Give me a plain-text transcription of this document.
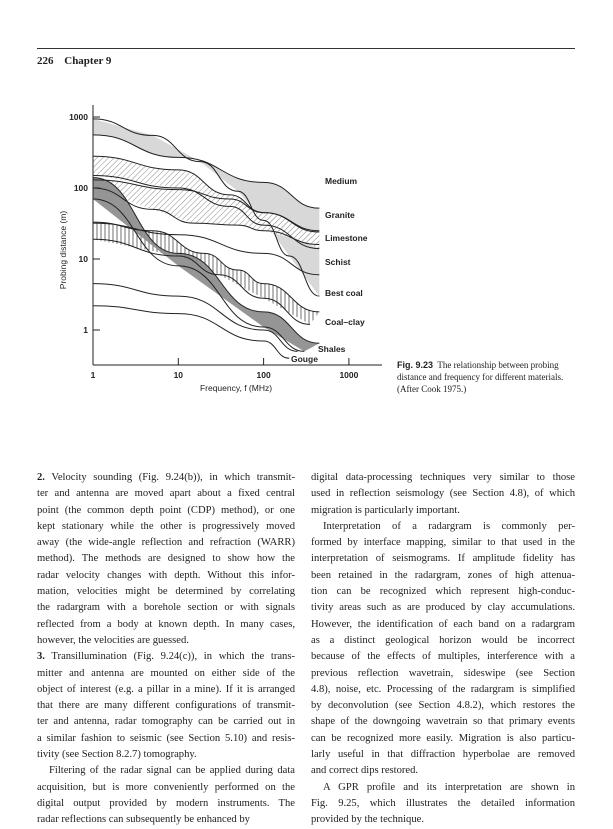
226 Chapter 9
1	10	100	1000
1
10
100
1000
Medium
Granite
Limestone
Schist
Best coal
Coal–clay
Shales
Gouge
Frequency, f (MHz)
Probing distance (m)
Fig. 9.23 The relationship between probing distance and frequency for different materials. (After Cook 1975.)
2. Velocity sounding (Fig. 9.24(b)), in which transmit-
ter and antenna are moved apart about a fixed central
point (the common depth point (CDP) method), or one
kept stationary while the other is progressively moved
away (the wide-angle reflection and refraction (WARR)
method). The methods are designed to show how the
radar velocity changes with depth. Without this infor-
mation, velocities might be determined by correlating
the radargram with a borehole section or with signals
reflected from a body at known depth. In many cases,
however, the velocities are guessed.
3. Transillumination (Fig. 9.24(c)), in which the trans-
mitter and antenna are mounted on either side of the
object of interest (e.g. a pillar in a mine). If it is arranged
that there are many different configurations of transmit-
ter and antenna, radar tomography can be carried out in
a similar fashion to seismic (see Section 5.10) and resis-
tivity (see Section 8.2.7) tomography.
Filtering of the radar signal can be applied during data
acquisition, but is more conveniently performed on the
digital output provided by modern instruments. The
radar reflections can subsequently be enhanced by
digital data-processing techniques very similar to those
used in reflection seismology (see Section 4.8), of which
migration is particularly important.
Interpretation of a radargram is commonly per-
formed by interface mapping, similar to that used in the
interpretation of seismograms. If amplitude fidelity has
been retained in the radargram, zones of high attenua-
tion can be recognized which represent high-conduc-
tivity areas such as are produced by clay accumulations.
However, the identification of each band on a radargram
as a distinct geological horizon would be incorrect
because of the effects of multiples, interference with a
previous reflection wavetrain, sideswipe (see Section
4.8), noise, etc. Processing of the radargram is simplified
by deconvolution (see Section 4.8.2), which restores the
shape of the downgoing wavetrain so that primary events
can be recognized more easily. Migration is also particu-
larly useful in that diffraction hyperbolae are removed
and correct dips restored.
A GPR profile and its interpretation are shown in
Fig. 9.25, which illustrates the detailed information
provided by the technique.
